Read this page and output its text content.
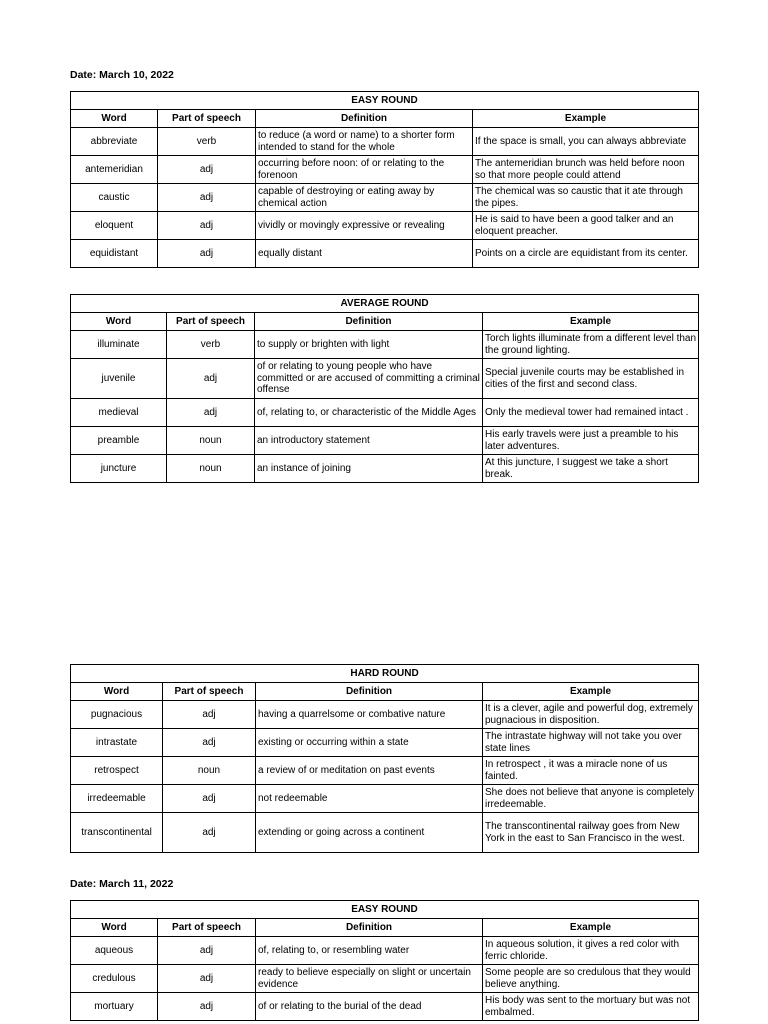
Date: March 10, 2022
EASY ROUND			
Word	Part of speech	Definition	Example
abbreviate	verb	to reduce (a word or name) to a shorter form intended to stand for the whole	If the space is small, you can always abbreviate
antemeridian	adj	occurring before noon: of or relating to the forenoon	The antemeridian brunch was held before noon so that more people could attend
caustic	adj	capable of destroying or eating away by chemical action	The chemical was so caustic that it ate through the pipes.
eloquent	adj	vividly or movingly expressive or revealing	He is said to have been a good talker and an eloquent preacher.
equidistant	adj	equally distant	Points on a circle are equidistant from its center.
AVERAGE ROUND			
Word	Part of speech	Definition	Example
illuminate	verb	to supply or brighten with light	Torch lights illuminate from a different level than the ground lighting.
juvenile	adj	of or relating to young people who have committed or are accused of committing a criminal offense	Special juvenile courts may be established in cities of the first and second class.
medieval	adj	of, relating to, or characteristic of the Middle Ages	Only the medieval tower had remained intact .
preamble	noun	an introductory statement	His early travels were just a preamble to his later adventures.
juncture	noun	an instance of joining	At this juncture, I suggest we take a short break.
HARD ROUND			
Word	Part of speech	Definition	Example
pugnacious	adj	having a quarrelsome or combative nature	It is a clever, agile and powerful dog, extremely pugnacious in disposition.
intrastate	adj	existing or occurring within a state	The intrastate highway will not take you over state lines
retrospect	noun	a review of or meditation on past events	In retrospect , it was a miracle none of us fainted.
irredeemable	adj	not redeemable	She does not believe that anyone is completely irredeemable.
transcontinental	adj	extending or going across a continent	The transcontinental railway goes from New York in the east to San Francisco in the west.
Date: March 11, 2022
EASY ROUND			
Word	Part of speech	Definition	Example
aqueous	adj	of, relating to, or resembling water	In aqueous solution, it gives a red color with ferric chloride.
credulous	adj	ready to believe especially on slight or uncertain evidence	Some people are so credulous that they would believe anything.
mortuary	adj	of or relating to the burial of the dead	His body was sent to the mortuary but was not embalmed.
